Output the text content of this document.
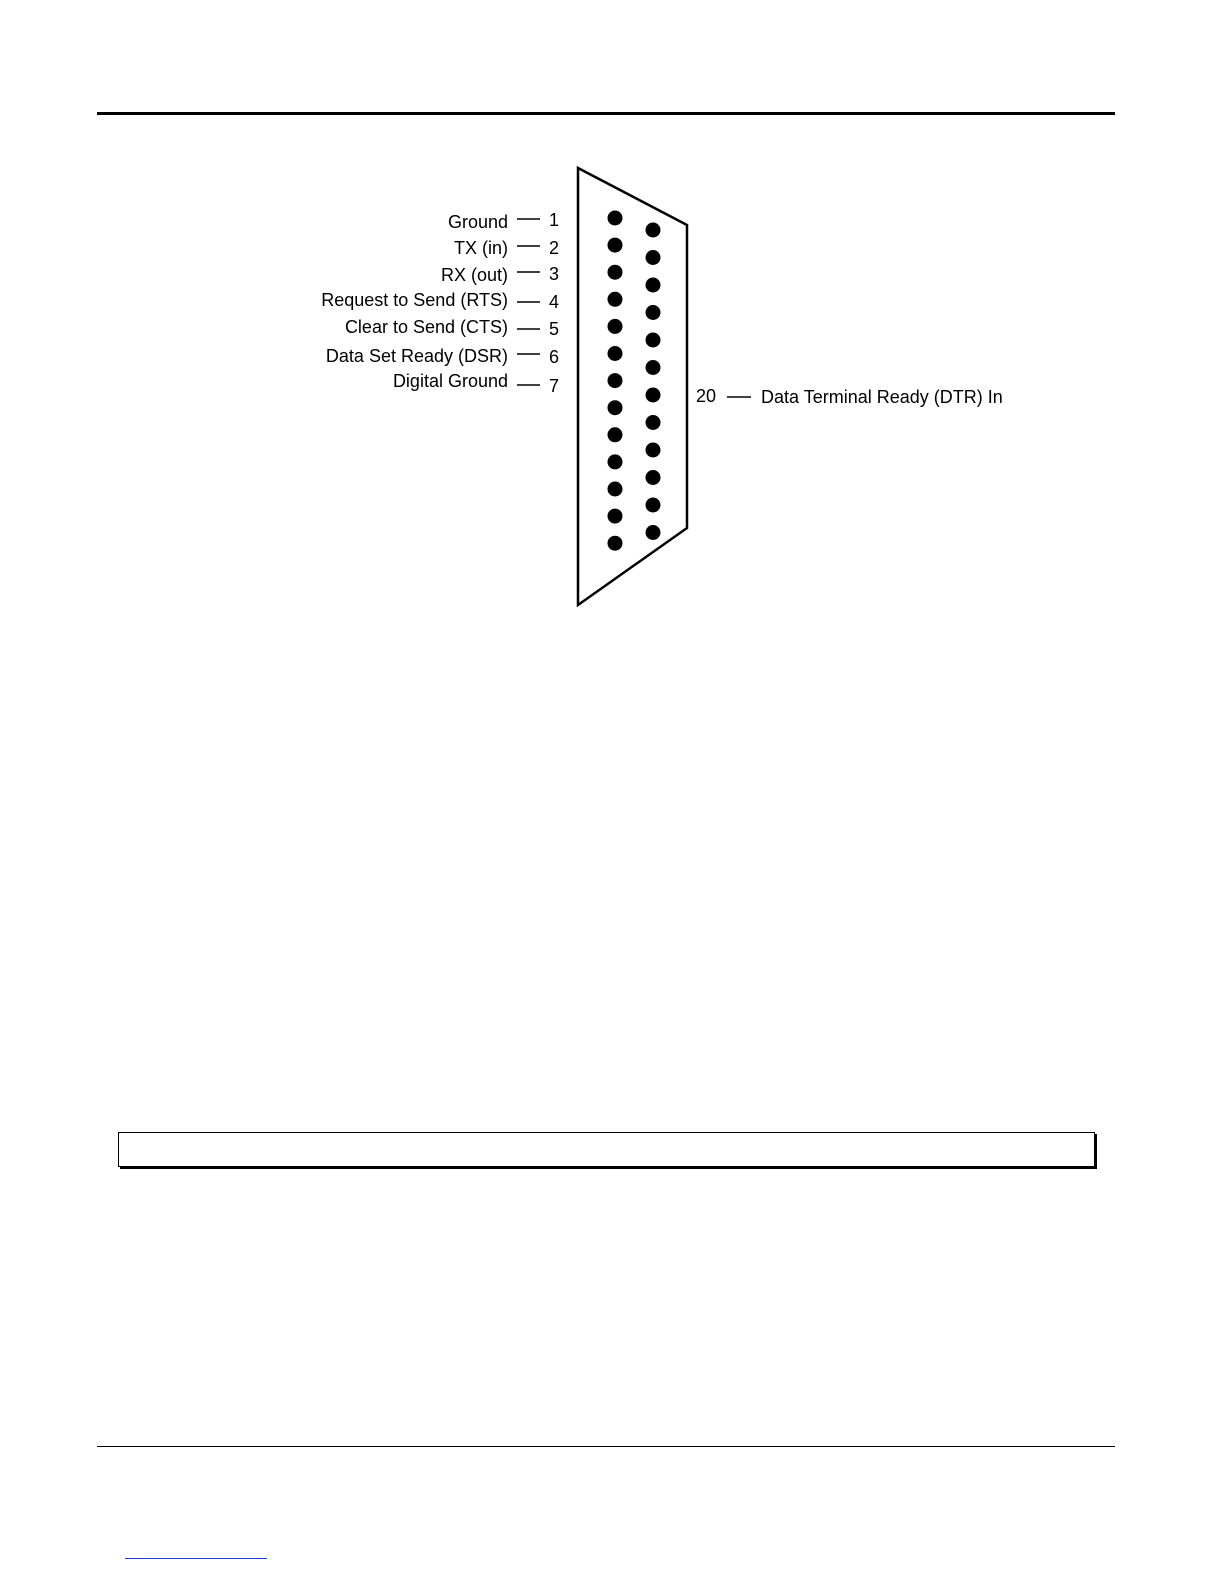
Ground 1
TX (in) 2
RX (out) 3
Request to Send (RTS) 4
Clear to Send (CTS) 5
Data Set Ready (DSR) 6
Digital Ground 7	20 Data Terminal Ready (DTR) In
